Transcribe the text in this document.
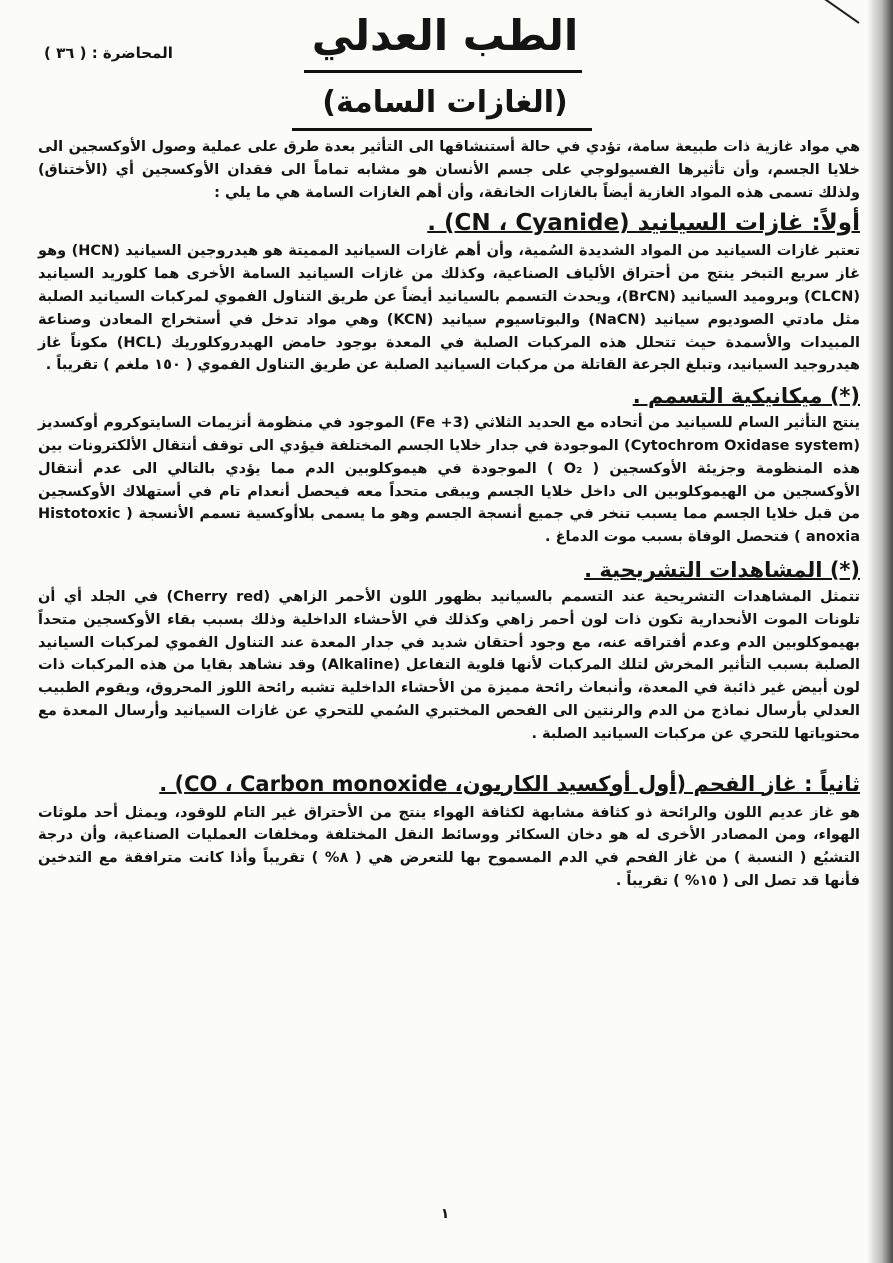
المحاضرة : ( ٣٦ )	الطب العدلي
(الغازات السامة)

هي مواد غازية ذات طبيعة سامة، تؤدي في حالة أستنشاقها الى التأثير بعدة طرق على عملية وصول الأوكسجين الى خلايا الجسم، وأن تأثيرها الفسيولوجي على جسم الأنسان هو مشابه تماماً الى فقدان الأوكسجين أي (الأختناق) ولذلك تسمى هذه المواد الغازية أيضاً بالغازات الخانقة، وأن أهم الغازات السامة هي ما يلي :

أولاً: غازات السيانيد (CN ، Cyanide) .

تعتبر غازات السيانيد من المواد الشديدة السُمية، وأن أهم غازات السيانيد المميتة هو هيدروجين السيانيد (HCN) وهو غاز سريع التبخر ينتج من أحتراق الألياف الصناعية، وكذلك من غازات السيانيد السامة الأخرى هما كلوريد السيانيد (CLCN) وبروميد السيانيد (BrCN)، ويحدث التسمم بالسيانيد أيضاً عن طريق التناول الفموي لمركبات السيانيد الصلبة مثل مادتي الصوديوم سيانيد (NaCN) والبوتاسيوم سيانيد (KCN) وهي مواد تدخل في أستخراج المعادن وصناعة المبيدات والأسمدة حيث تتحلل هذه المركبات الصلبة في المعدة بوجود حامض الهيدروكلوريك (HCL) مكوناً غاز هيدروجيد السيانيد، وتبلغ الجرعة القاتلة من مركبات السيانيد الصلبة عن طريق التناول الفموي ( ١٥٠ ملغم ) تقريباً .

(*) ميكانيكية التسمم .

ينتج التأثير السام للسيانيد من أتحاده مع الحديد الثلاثي (Fe +3) الموجود في منظومة أنزيمات السايتوكروم أوكسديز (Cytochrom Oxidase system) الموجودة في جدار خلايا الجسم المختلفة فيؤدي الى توقف أنتقال الألكترونات بين هذه المنظومة وجزيئة الأوكسجين ( O₂ ) الموجودة في هيموكلوبين الدم مما يؤدي بالتالي الى عدم أنتقال الأوكسجين من الهيموكلوبين الى داخل خلايا الجسم ويبقى متحداً معه فيحصل أنعدام تام في أستهلاك الأوكسجين من قبل خلايا الجسم مما يسبب تنخر في جميع أنسجة الجسم وهو ما يسمى بلاأوكسية تسمم الأنسجة ( Histotoxic anoxia ) فتحصل الوفاة بسبب موت الدماغ .

(*) المشاهدات التشريحية .

تتمثل المشاهدات التشريحية عند التسمم بالسيانيد بظهور اللون الأحمر الزاهي (Cherry red) في الجلد أي أن تلونات الموت الأنحدارية تكون ذات لون أحمر زاهي وكذلك في الأحشاء الداخلية وذلك بسبب بقاء الأوكسجين متحداً بهيموكلوبين الدم وعدم أفتراقه عنه، مع وجود أحتقان شديد في جدار المعدة عند التناول الفموي لمركبات السيانيد الصلبة بسبب التأثير المخرش لتلك المركبات لأنها قلوية التفاعل (Alkaline) وقد نشاهد بقايا من هذه المركبات ذات لون أبيض غير ذائبة في المعدة، وأنبعاث رائحة مميزة من الأحشاء الداخلية تشبه رائحة اللوز المحروق، ويقوم الطبيب العدلي بأرسال نماذج من الدم والرنتين الى الفحص المختبري السُمي للتحري عن غازات السيانيد وأرسال المعدة مع محتوياتها للتحري عن مركبات السيانيد الصلبة .

ثانياً : غاز الفحم (أول أوكسيد الكاربون، CO ، Carbon monoxide) .

هو غاز عديم اللون والرائحة ذو كثافة مشابهة لكثافة الهواء ينتج من الأحتراق غير التام للوقود، ويمثل أحد ملوثات الهواء، ومن المصادر الأخرى له هو دخان السكائر ووسائط النقل المختلفة ومخلفات العمليات الصناعية، وأن درجة التشبُع ( النسبة ) من غاز الفحم في الدم المسموح بها للتعرض هي ( ٨% ) تقريباً وأذا كانت مترافقة مع التدخين فأنها قد تصل الى ( ١٥% ) تقريباً .

١
